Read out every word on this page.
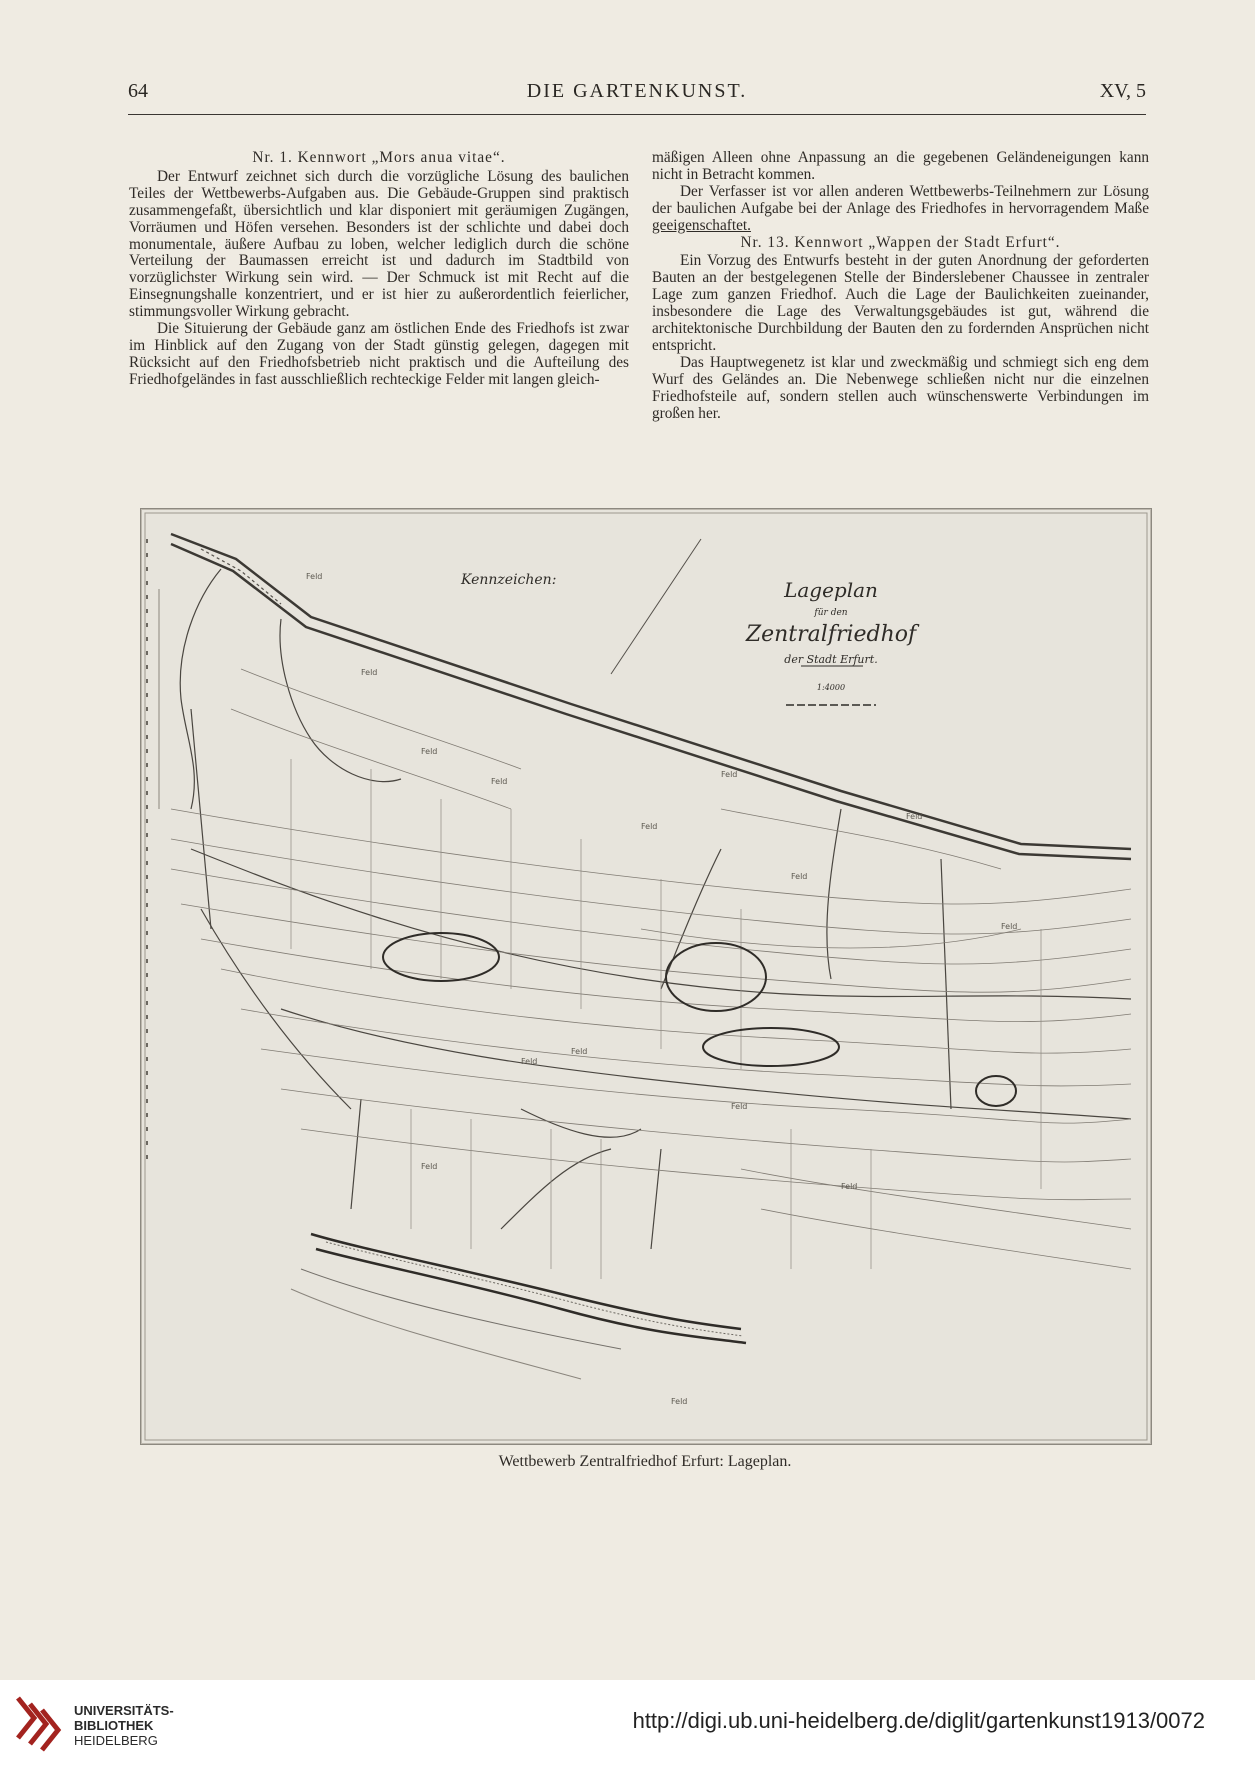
64	DIE GARTENKUNST.	XV, 5

Nr. 1. Kennwort „Mors anua vitae“.

Der Entwurf zeichnet sich durch die vorzügliche Lösung des baulichen Teiles der Wettbewerbs-Aufgaben aus. Die Gebäude-Gruppen sind praktisch zusammengefaßt, übersichtlich und klar disponiert mit geräumigen Zugängen, Vorräumen und Höfen versehen. Besonders ist der schlichte und dabei doch monumentale, äußere Aufbau zu loben, welcher lediglich durch die schöne Verteilung der Baumassen erreicht ist und dadurch im Stadtbild von vorzüglichster Wirkung sein wird. — Der Schmuck ist mit Recht auf die Einsegnungshalle konzentriert, und er ist hier zu außerordentlich feierlicher, stimmungsvoller Wirkung gebracht.

Die Situierung der Gebäude ganz am östlichen Ende des Friedhofs ist zwar im Hinblick auf den Zugang von der Stadt günstig gelegen, dagegen mit Rücksicht auf den Friedhofsbetrieb nicht praktisch und die Aufteilung des Friedhofgeländes in fast ausschließlich rechteckige Felder mit langen gleich-

mäßigen Alleen ohne Anpassung an die gegebenen Geländeneigungen kann nicht in Betracht kommen.

Der Verfasser ist vor allen anderen Wettbewerbs-Teilnehmern zur Lösung der baulichen Aufgabe bei der Anlage des Friedhofes in hervorragendem Maße geeigenschaftet.

Nr. 13. Kennwort „Wappen der Stadt Erfurt“.

Ein Vorzug des Entwurfs besteht in der guten Anordnung der geforderten Bauten an der bestgelegenen Stelle der Binderslebener Chaussee in zentraler Lage zum ganzen Friedhof. Auch die Lage der Baulichkeiten zueinander, insbesondere die Lage des Verwaltungsgebäudes ist gut, während die architektonische Durchbildung der Bauten den zu fordernden Ansprüchen nicht entspricht.

Das Hauptwegenetz ist klar und zweckmäßig und schmiegt sich eng dem Wurf des Geländes an. Die Nebenwege schließen nicht nur die einzelnen Friedhofsteile auf, sondern stellen auch wünschenswerte Verbindungen im großen her.

Feld
Feld
Feld
Feld
Feld
Feld
Feld
Feld
Feld
Feld
Feld
Feld
Feld
Feld
Feld
Kennzeichen:	Lageplan
für den
Zentralfriedhof
der Stadt Erfurt.
1:4000
Wettbewerb Zentralfriedhof Erfurt: Lageplan.
UNIVERSITÄTS-
BIBLIOTHEK
HEIDELBERG
http://digi.ub.uni-heidelberg.de/diglit/gartenkunst1913/0072
